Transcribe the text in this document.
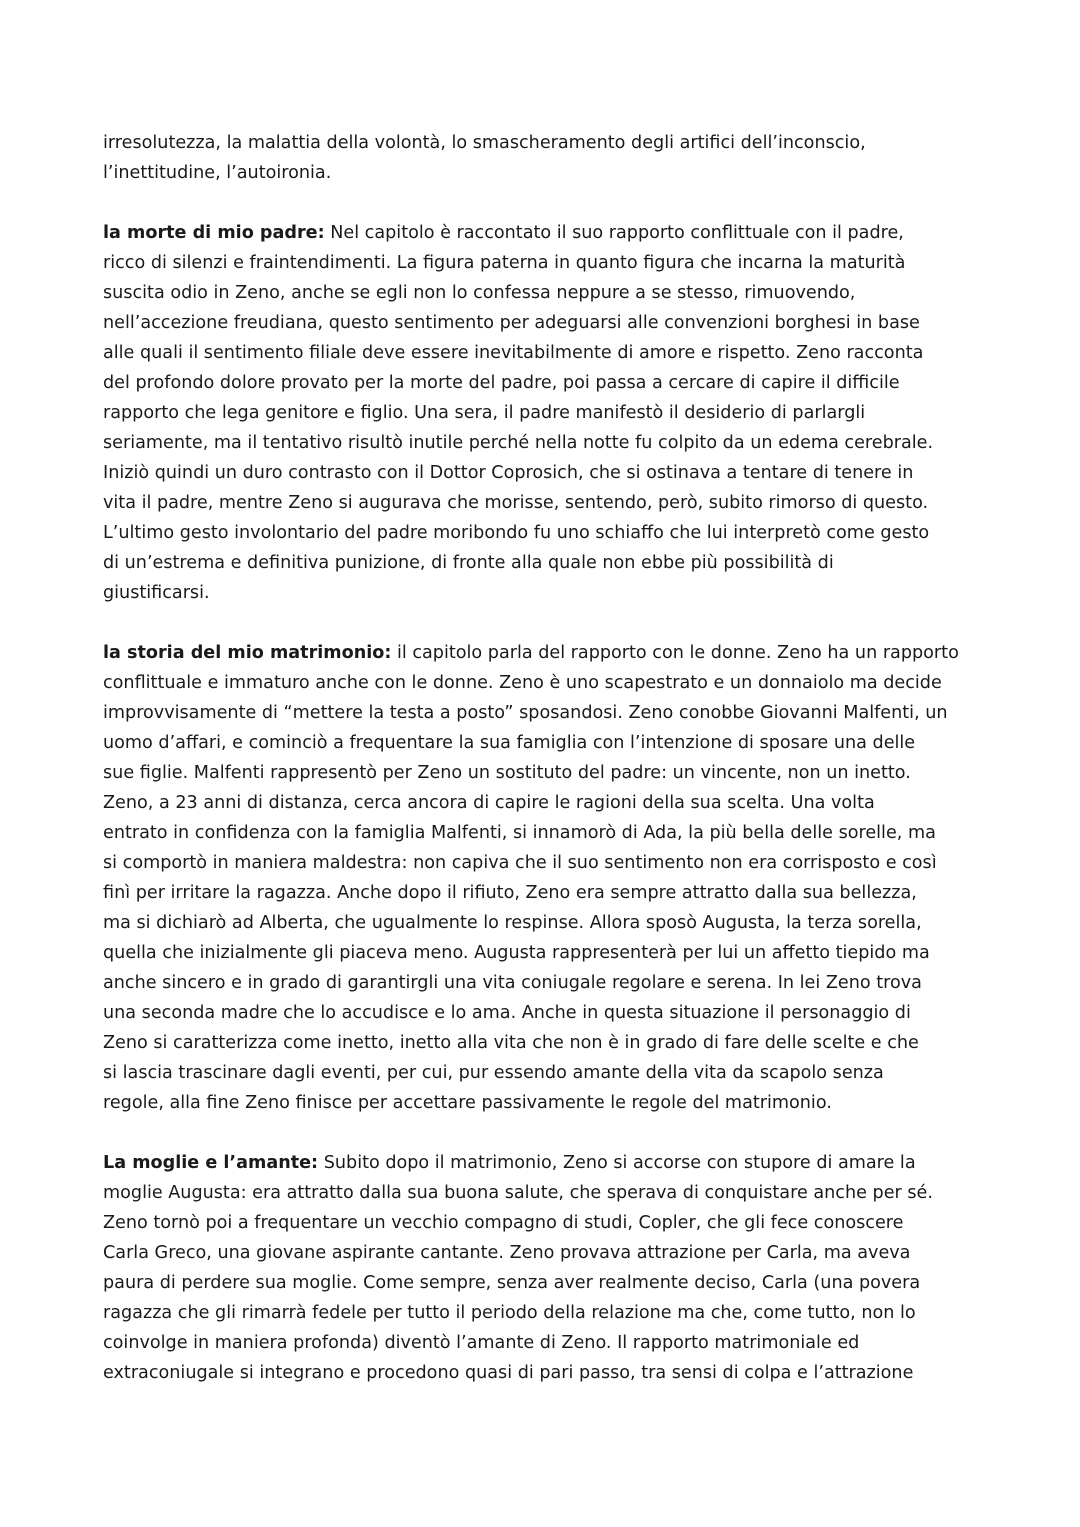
irresolutezza, la malattia della volontà, lo smascheramento degli artifici dell’inconscio,
l’inettitudine, l’autoironia.

la morte di mio padre: Nel capitolo è raccontato il suo rapporto conflittuale con il padre,
ricco di silenzi e fraintendimenti. La figura paterna in quanto figura che incarna la maturità
suscita odio in Zeno, anche se egli non lo confessa neppure a se stesso, rimuovendo,
nell’accezione freudiana, questo sentimento per adeguarsi alle convenzioni borghesi in base
alle quali il sentimento filiale deve essere inevitabilmente di amore e rispetto. Zeno racconta
del profondo dolore provato per la morte del padre, poi passa a cercare di capire il difficile
rapporto che lega genitore e figlio. Una sera, il padre manifestò il desiderio di parlargli
seriamente, ma il tentativo risultò inutile perché nella notte fu colpito da un edema cerebrale.
Iniziò quindi un duro contrasto con il Dottor Coprosich, che si ostinava a tentare di tenere in
vita il padre, mentre Zeno si augurava che morisse, sentendo, però, subito rimorso di questo.
L’ultimo gesto involontario del padre moribondo fu uno schiaffo che lui interpretò come gesto
di un’estrema e definitiva punizione, di fronte alla quale non ebbe più possibilità di
giustificarsi.

la storia del mio matrimonio: il capitolo parla del rapporto con le donne. Zeno ha un rapporto
conflittuale e immaturo anche con le donne. Zeno è uno scapestrato e un donnaiolo ma decide
improvvisamente di “mettere la testa a posto” sposandosi. Zeno conobbe Giovanni Malfenti, un
uomo d’affari, e cominciò a frequentare la sua famiglia con l’intenzione di sposare una delle
sue figlie. Malfenti rappresentò per Zeno un sostituto del padre: un vincente, non un inetto.
Zeno, a 23 anni di distanza, cerca ancora di capire le ragioni della sua scelta. Una volta
entrato in confidenza con la famiglia Malfenti, si innamorò di Ada, la più bella delle sorelle, ma
si comportò in maniera maldestra: non capiva che il suo sentimento non era corrisposto e così
finì per irritare la ragazza. Anche dopo il rifiuto, Zeno era sempre attratto dalla sua bellezza,
ma si dichiarò ad Alberta, che ugualmente lo respinse. Allora sposò Augusta, la terza sorella,
quella che inizialmente gli piaceva meno. Augusta rappresenterà per lui un affetto tiepido ma
anche sincero e in grado di garantirgli una vita coniugale regolare e serena. In lei Zeno trova
una seconda madre che lo accudisce e lo ama. Anche in questa situazione il personaggio di
Zeno si caratterizza come inetto, inetto alla vita che non è in grado di fare delle scelte e che
si lascia trascinare dagli eventi, per cui, pur essendo amante della vita da scapolo senza
regole, alla fine Zeno finisce per accettare passivamente le regole del matrimonio.

La moglie e l’amante: Subito dopo il matrimonio, Zeno si accorse con stupore di amare la
moglie Augusta: era attratto dalla sua buona salute, che sperava di conquistare anche per sé.
Zeno tornò poi a frequentare un vecchio compagno di studi, Copler, che gli fece conoscere
Carla Greco, una giovane aspirante cantante. Zeno provava attrazione per Carla, ma aveva
paura di perdere sua moglie. Come sempre, senza aver realmente deciso, Carla (una povera
ragazza che gli rimarrà fedele per tutto il periodo della relazione ma che, come tutto, non lo
coinvolge in maniera profonda) diventò l’amante di Zeno. Il rapporto matrimoniale ed
extraconiugale si integrano e procedono quasi di pari passo, tra sensi di colpa e l’attrazione
